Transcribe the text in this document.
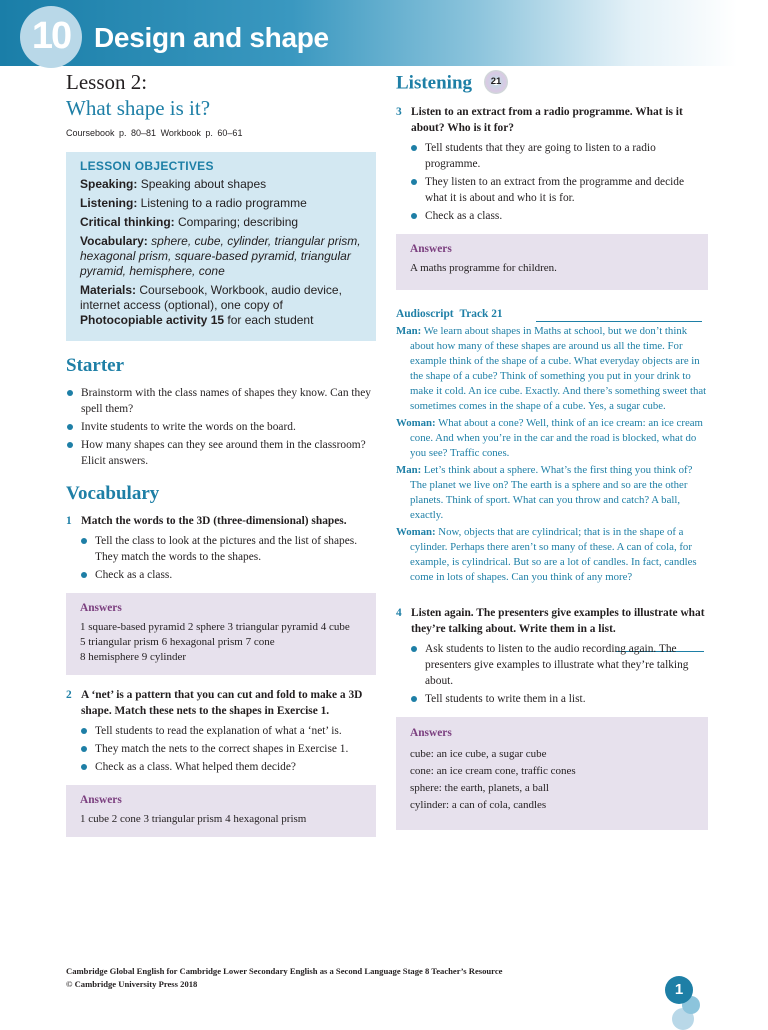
10 Design and shape
Lesson 2:
What shape is it?
Coursebook p. 80–81 Workbook p. 60–61
LESSON OBJECTIVES

Speaking: Speaking about shapes

Listening: Listening to a radio programme

Critical thinking: Comparing; describing

Vocabulary: sphere, cube, cylinder, triangular prism, hexagonal prism, square-based pyramid, triangular pyramid, hemisphere, cone

Materials: Coursebook, Workbook, audio device, internet access (optional), one copy of Photocopiable activity 15 for each student

Starter
Brainstorm with the class names of shapes they know. Can they spell them?
Invite students to write the words on the board.
How many shapes can they see around them in the classroom? Elicit answers.
Vocabulary
1 Match the words to the 3D (three-dimensional) shapes.
Tell the class to look at the pictures and the list of shapes. They match the words to the shapes.
Check as a class.
Answers
1 square-based pyramid 2 sphere 3 triangular pyramid 4 cube
5 triangular prism 6 hexagonal prism 7 cone
8 hemisphere 9 cylinder
2 A ‘net’ is a pattern that you can cut and fold to make a 3D shape. Match these nets to the shapes in Exercise 1.
Tell students to read the explanation of what a ‘net’ is.
They match the nets to the correct shapes in Exercise 1.
Check as a class. What helped them decide?
Answers
1 cube 2 cone 3 triangular prism 4 hexagonal prism
Listening 21
3 Listen to an extract from a radio programme. What is it about? Who is it for?
Tell students that they are going to listen to a radio programme.
They listen to an extract from the programme and decide what it is about and who it is for.
Check as a class.
Answers
A maths programme for children.
Audioscript Track 21

Man: We learn about shapes in Maths at school, but we don’t think about how many of these shapes are around us all the time. For example think of the shape of a cube. What everyday objects are in the shape of a cube? Think of something you put in your drink to make it cold. An ice cube. Exactly. And there’s something sweet that sometimes comes in the shape of a cube. Yes, a sugar cube.

Woman: What about a cone? Well, think of an ice cream: an ice cream cone. And when you’re in the car and the road is blocked, what do you see? Traffic cones.

Man: Let’s think about a sphere. What’s the first thing you think of? The planet we live on? The earth is a sphere and so are the other planets. Think of sport. What can you throw and catch? A ball, exactly.

Woman: Now, objects that are cylindrical; that is in the shape of a cylinder. Perhaps there aren’t so many of these. A can of cola, for example, is cylindrical. But so are a lot of candles. In fact, candles come in lots of shapes. Can you think of any more?

4 Listen again. The presenters give examples to illustrate what they’re talking about. Write them in a list.
Ask students to listen to the audio recording again. The presenters give examples to illustrate what they’re talking about.
Tell students to write them in a list.
Answers
cube: an ice cube, a sugar cube
cone: an ice cream cone, traffic cones
sphere: the earth, planets, a ball
cylinder: a can of cola, candles
Cambridge Global English for Cambridge Lower Secondary English as a Second Language Stage 8 Teacher’s Resource
© Cambridge University Press 2018	1
